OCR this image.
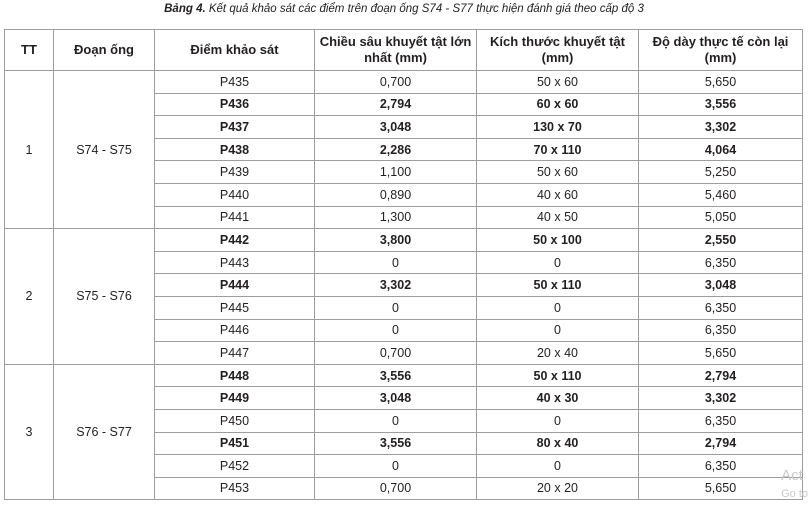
Bảng 4. Kết quả khảo sát các điểm trên đoạn ống S74 - S77 thực hiện đánh giá theo cấp độ 3
TT	Đoạn ống	Điểm khảo sát	Chiều sâu khuyết tật lớn nhất (mm)	Kích thước khuyết tật (mm)	Độ dày thực tế còn lại (mm)
1	S74 - S75	P435	0,700	50 x 60	5,650
		P436	2,794	60 x 60	3,556
		P437	3,048	130 x 70	3,302
		P438	2,286	70 x 110	4,064
		P439	1,100	50 x 60	5,250
		P440	0,890	40 x 60	5,460
		P441	1,300	40 x 50	5,050
2	S75 - S76	P442	3,800	50 x 100	2,550
		P443	0	0	6,350
		P444	3,302	50 x 110	3,048
		P445	0	0	6,350
		P446	0	0	6,350
		P447	0,700	20 x 40	5,650
3	S76 - S77	P448	3,556	50 x 110	2,794
		P449	3,048	40 x 30	3,302
		P450	0	0	6,350
		P451	3,556	80 x 40	2,794
		P452	0	0	6,350
		P453	0,700	20 x 20	5,650
Act
Go to
